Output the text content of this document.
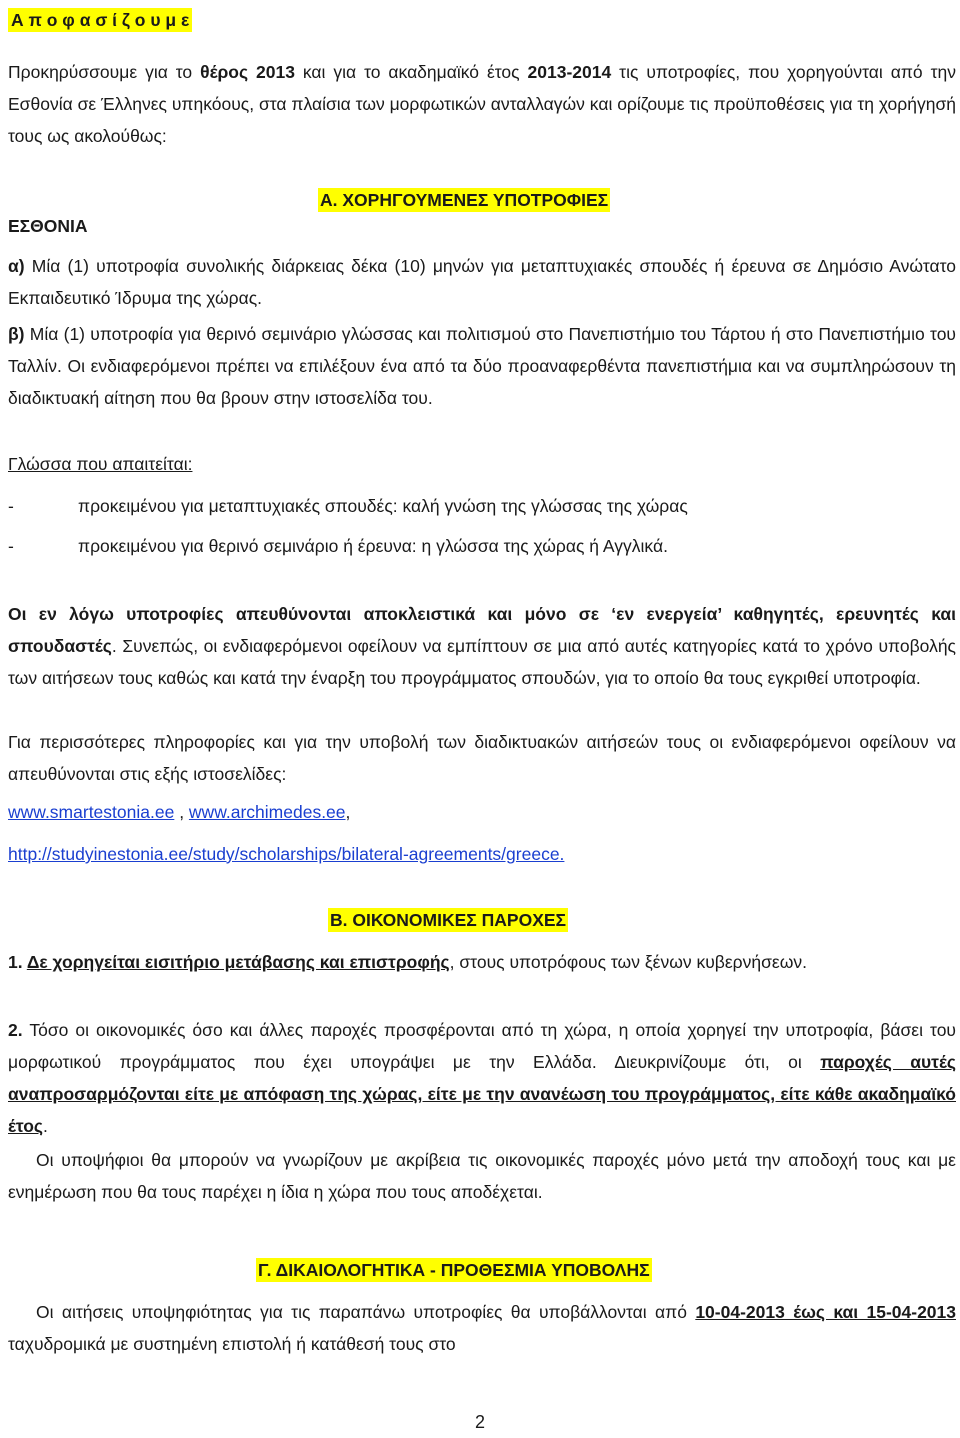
Α π ο φ α σ ί ζ ο υ μ ε

Προκηρύσσουμε για το θέρος 2013 και για το ακαδημαϊκό έτος 2013-2014 τις υποτροφίες, που χορηγούνται από την Εσθονία σε Έλληνες υπηκόους, στα πλαίσια των μορφωτικών ανταλλαγών και ορίζουμε τις προϋποθέσεις για τη χορήγησή τους ως ακολούθως:

Α. ΧΟΡΗΓΟΥΜΕΝΕΣ ΥΠΟΤΡΟΦΙΕΣ
ΕΣΘΟΝΙΑ

α) Μία (1) υποτροφία συνολικής διάρκειας δέκα (10) μηνών για μεταπτυχιακές σπουδές ή έρευνα σε Δημόσιο Ανώτατο Εκπαιδευτικό Ίδρυμα της χώρας.

β) Μία (1) υποτροφία για θερινό σεμινάριο γλώσσας και πολιτισμού στο Πανεπιστήμιο του Τάρτου ή στο Πανεπιστήμιο του Ταλλίν. Οι ενδιαφερόμενοι πρέπει να επιλέξουν ένα από τα δύο προαναφερθέντα πανεπιστήμια και να συμπληρώσουν τη διαδικτυακή αίτηση που θα βρουν στην ιστοσελίδα του.

Γλώσσα που απαιτείται:
-	προκειμένου για μεταπτυχιακές σπουδές: καλή γνώση της γλώσσας της χώρας
-	προκειμένου για θερινό σεμινάριο ή έρευνα: η γλώσσα της χώρας ή Αγγλικά.

Οι εν λόγω υποτροφίες απευθύνονται αποκλειστικά και μόνο σε ‘εν ενεργεία’ καθηγητές, ερευνητές και σπουδαστές. Συνεπώς, οι ενδιαφερόμενοι οφείλουν να εμπίπτουν σε μια από αυτές κατηγορίες κατά το χρόνο υποβολής των αιτήσεων τους καθώς και κατά την έναρξη του προγράμματος σπουδών, για το οποίο θα τους εγκριθεί υποτροφία.

Για περισσότερες πληροφορίες και για την υποβολή των διαδικτυακών αιτήσεών τους οι ενδιαφερόμενοι οφείλουν να απευθύνονται στις εξής ιστοσελίδες:

www.smartestonia.ee , www.archimedes.ee,
http://studyinestonia.ee/study/scholarships/bilateral-agreements/greece.
Β. ΟΙΚΟΝΟΜΙΚΕΣ ΠΑΡΟΧΕΣ

1. Δε χορηγείται εισιτήριο μετάβασης και επιστροφής, στους υποτρόφους των ξένων κυβερνήσεων.

2. Τόσο οι οικονομικές όσο και άλλες παροχές προσφέρονται από τη χώρα, η οποία χορηγεί την υποτροφία, βάσει του μορφωτικού προγράμματος που έχει υπογράψει με την Ελλάδα. Διευκρινίζουμε ότι, οι παροχές αυτές αναπροσαρμόζονται είτε με απόφαση της χώρας, είτε με την ανανέωση του προγράμματος, είτε κάθε ακαδημαϊκό έτος.

Οι υποψήφιοι θα μπορούν να γνωρίζουν με ακρίβεια τις οικονομικές παροχές μόνο μετά την αποδοχή τους και με ενημέρωση που θα τους παρέχει η ίδια η χώρα που τους αποδέχεται.

Γ. ΔΙΚΑΙΟΛΟΓΗΤΙΚΑ - ΠΡΟΘΕΣΜΙΑ ΥΠΟΒΟΛΗΣ

Οι αιτήσεις υποψηφιότητας για τις παραπάνω υποτροφίες θα υποβάλλονται από 10-04-2013 έως και 15-04-2013 ταχυδρομικά με συστημένη επιστολή ή κατάθεσή τους στο

2
